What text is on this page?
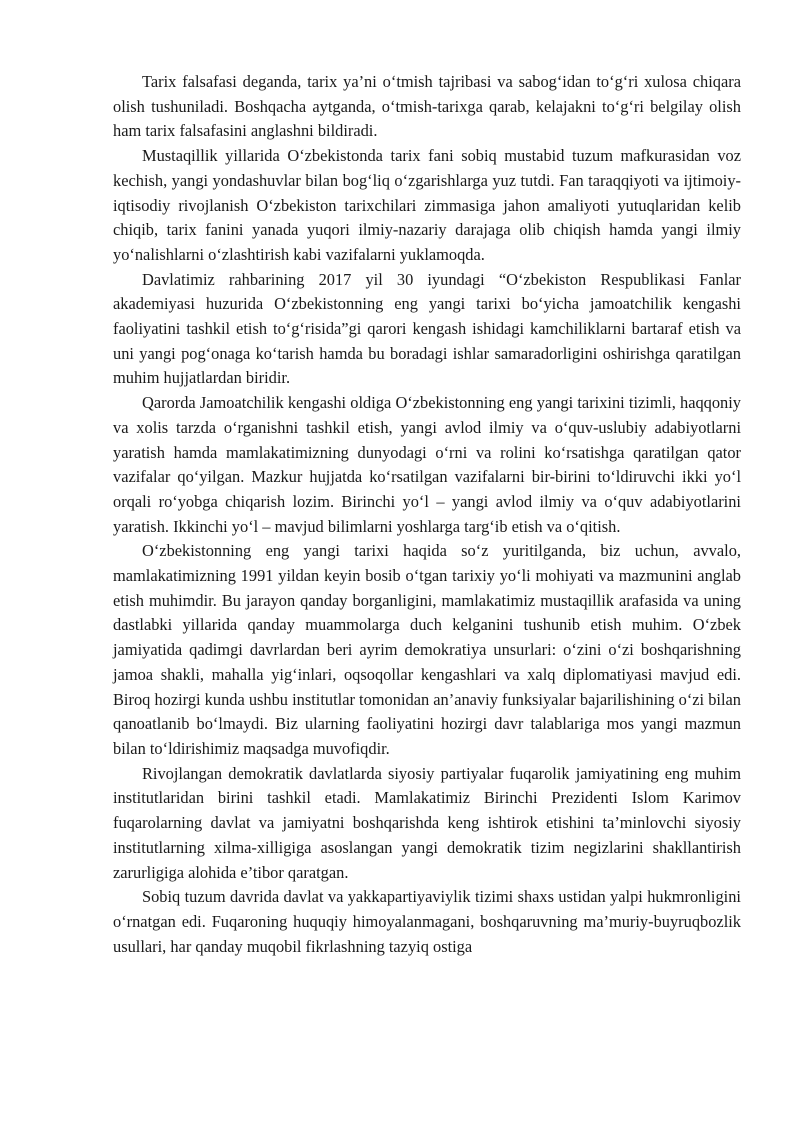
Tarix falsafasi deganda, tarix ya’ni o‘tmish tajribasi va sabog‘idan to‘g‘ri xulosa chiqara olish tushuniladi. Boshqacha aytganda, o‘tmish-tarixga qarab, kelajakni to‘g‘ri belgilay olish ham tarix falsafasini anglashni bildiradi.

Mustaqillik yillarida O‘zbekistonda tarix fani sobiq mustabid tuzum mafkurasidan voz kechish, yangi yondashuvlar bilan bog‘liq o‘zgarishlarga yuz tutdi. Fan taraqqiyoti va ijtimoiy-iqtisodiy rivojlanish O‘zbekiston tarixchilari zimmasiga jahon amaliyoti yutuqlaridan kelib chiqib, tarix fanini yanada yuqori ilmiy-nazariy darajaga olib chiqish hamda yangi ilmiy yo‘nalishlarni o‘zlashtirish kabi vazifalarni yuklamoqda.

Davlatimiz rahbarining 2017 yil 30 iyundagi “O‘zbekiston Respublikasi Fanlar akademiyasi huzurida O‘zbekistonning eng yangi tarixi bo‘yicha jamoatchilik kengashi faoliyatini tashkil etish to‘g‘risida”gi qarori kengash ishidagi kamchiliklarni bartaraf etish va uni yangi pog‘onaga ko‘tarish hamda bu boradagi ishlar samaradorligini oshirishga qaratilgan muhim hujjatlardan biridir.

Qarorda Jamoatchilik kengashi oldiga O‘zbekistonning eng yangi tarixini tizimli, haqqoniy va xolis tarzda o‘rganishni tashkil etish, yangi avlod ilmiy va o‘quv-uslubiy adabiyotlarni yaratish hamda mamlakatimizning dunyodagi o‘rni va rolini ko‘rsatishga qaratilgan qator vazifalar qo‘yilgan. Mazkur hujjatda ko‘rsatilgan vazifalarni bir-birini to‘ldiruvchi ikki yo‘l orqali ro‘yobga chiqarish lozim. Birinchi yo‘l – yangi avlod ilmiy va o‘quv adabiyotlarini yaratish. Ikkinchi yo‘l – mavjud bilimlarni yoshlarga targ‘ib etish va o‘qitish.

O‘zbekistonning eng yangi tarixi haqida so‘z yuritilganda, biz uchun, avvalo, mamlakatimizning 1991 yildan keyin bosib o‘tgan tarixiy yo‘li mohiyati va mazmunini anglab etish muhimdir. Bu jarayon qanday borganligini, mamlakatimiz mustaqillik arafasida va uning dastlabki yillarida qanday muammolarga duch kelganini tushunib etish muhim. O‘zbek jamiyatida qadimgi davrlardan beri ayrim demokratiya unsurlari: o‘zini o‘zi boshqarishning jamoa shakli, mahalla yig‘inlari, oqsoqollar kengashlari va xalq diplomatiyasi mavjud edi. Biroq hozirgi kunda ushbu institutlar tomonidan an’anaviy funksiyalar bajarilishining o‘zi bilan qanoatlanib bo‘lmaydi. Biz ularning faoliyatini hozirgi davr talablariga mos yangi mazmun bilan to‘ldirishimiz maqsadga muvofiqdir.

Rivojlangan demokratik davlatlarda siyosiy partiyalar fuqarolik jamiyatining eng muhim institutlaridan birini tashkil etadi. Mamlakatimiz Birinchi Prezidenti Islom Karimov fuqarolarning davlat va jamiyatni boshqarishda keng ishtirok etishini ta’minlovchi siyosiy institutlarning xilma-xilligiga asoslangan yangi demokratik tizim negizlarini shakllantirish zarurligiga alohida e’tibor qaratgan.

Sobiq tuzum davrida davlat va yakkapartiyaviylik tizimi shaxs ustidan yalpi hukmronligini o‘rnatgan edi. Fuqaroning huquqiy himoyalanmagani, boshqaruvning ma’muriy-buyruqbozlik usullari, har qanday muqobil fikrlashning tazyiq ostiga
